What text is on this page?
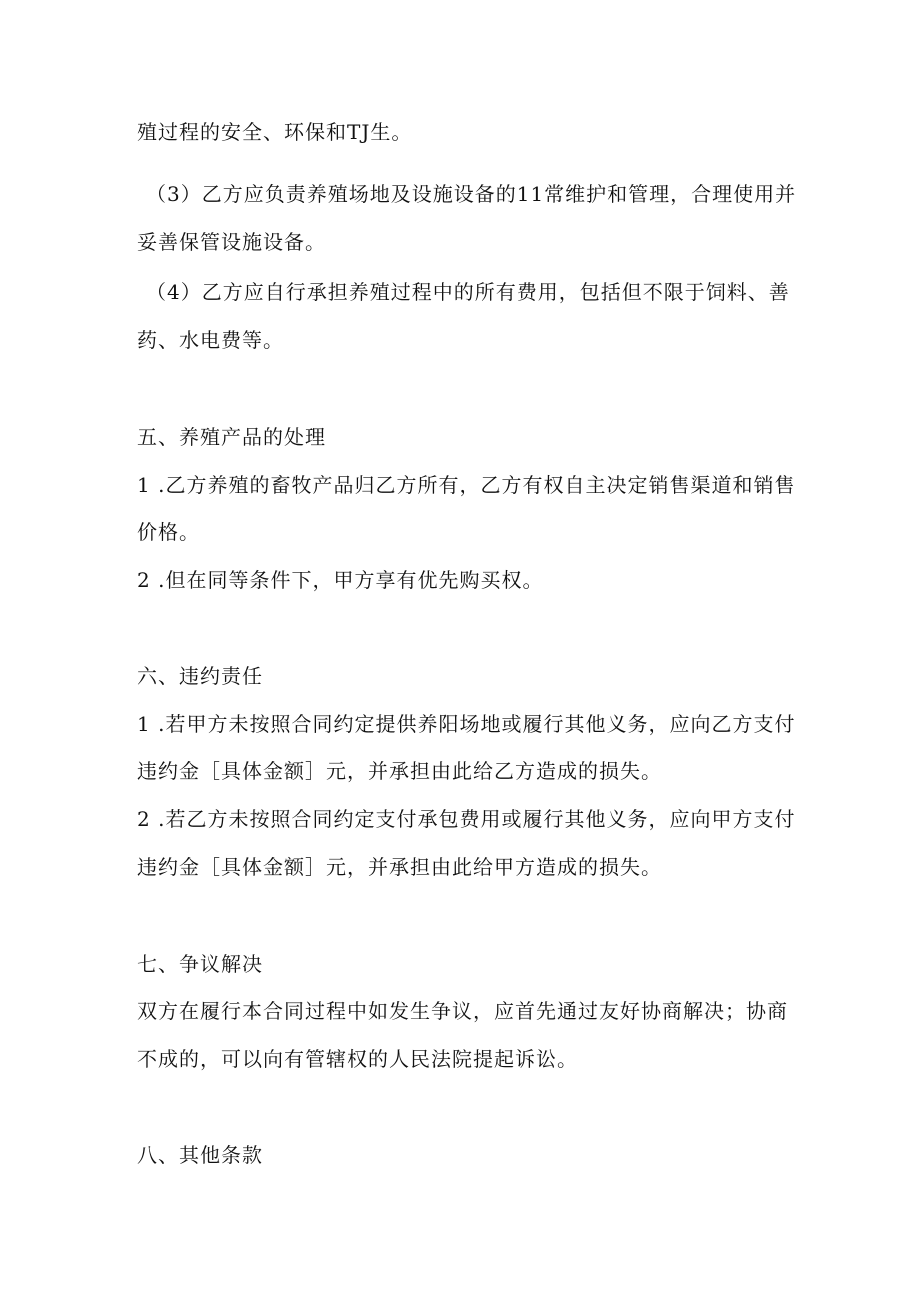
殖过程的安全、环保和TJ生。
（3）乙方应负责养殖场地及设施设备的11常维护和管理，合理使用并
妥善保管设施设备。
（4）乙方应自行承担养殖过程中的所有费用，包括但不限于饲料、善
药、水电费等。
五、养殖产品的处理
1 .乙方养殖的畜牧产品归乙方所有，乙方有权自主决定销售渠道和销售
价格。
2 .但在同等条件下，甲方享有优先购买权。
六、违约责任
1 .若甲方未按照合同约定提供养阳场地或履行其他义务，应向乙方支付
违约金［具体金额］元，并承担由此给乙方造成的损失。
2 .若乙方未按照合同约定支付承包费用或履行其他义务，应向甲方支付
违约金［具体金额］元，并承担由此给甲方造成的损失。
七、争议解决
双方在履行本合同过程中如发生争议，应首先通过友好协商解决；协商
不成的，可以向有管辖权的人民法院提起诉讼。
八、其他条款
